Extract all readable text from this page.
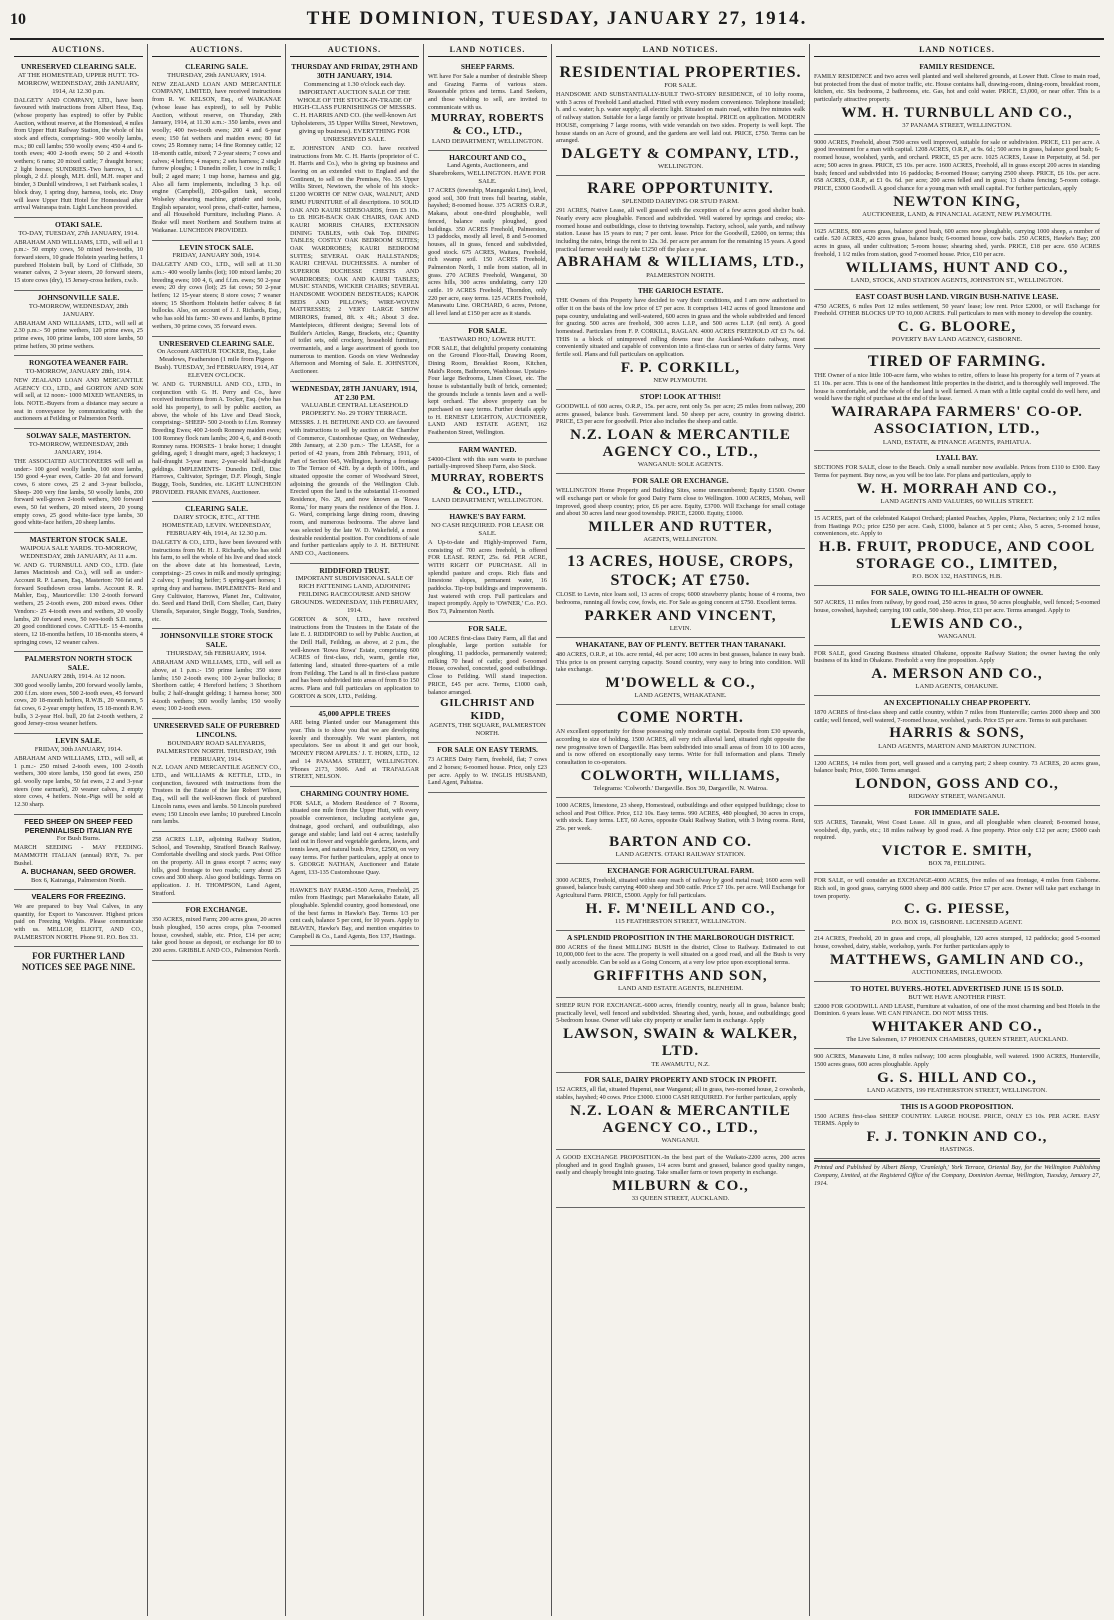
10	THE DOMINION, TUESDAY, JANUARY 27, 1914.
AUCTIONS.
UNRESERVED CLEARING SALE.
AT THE HOMESTEAD, UPPER HUTT. TO-MORROW, WEDNESDAY, 28th JANUARY, 1914, At 12.30 p.m.
DALGETY AND COMPANY, LTD., have been favoured with instructions from Albert Hess, Esq. (whose property has expired) to offer by Public Auction, without reserve, at the Homestead, 4 miles from Upper Hutt Railway Station, the whole of his stock and effects, comprising:- 900 woolly lambs, m.s.; 80 cull lambs; 550 woolly ewes; 450 4 and 6-tooth ewes; 400 2-tooth ewes; 50 2 and 4-tooth wethers; 6 rams; 20 mixed cattle; 7 draught horses; 2 light horses; SUNDRIES.-Two harrows, 1 s.f. plough, 2 d.f. plough, M.H. drill, M.H. reaper and binder, 3 Dunhill windrows, 1 set Fairbank scales, 1 block dray, 1 spring dray, harness, tools, etc. Dray will leave Upper Hutt Hotel for Homestead after arrival Wairarapa train. Light Luncheon provided.
OTAKI SALE.
TO-DAY, TUESDAY, 27th JANUARY, 1914.
ABRAHAM AND WILLIAMS, LTD., will sell at 1 p.m.:- 50 empty cows, 50 mixed two-tooths, 10 forward steers, 10 grade Holstein yearling heifers, 1 purebred Holstein bull, by Lord of Cliffside, 30 weaner calves, 2 3-year steers, 20 forward steers, 15 store cows (dry), 15 Jersey-cross heifers, r.w.b.
JOHNSONVILLE SALE.
TO-MORROW, WEDNESDAY, 28th JANUARY.
ABRAHAM AND WILLIAMS, LTD., will sell at 2.30 p.m.:- 50 prime wethers, 120 prime ewes, 25 prime ewes, 100 prime lambs, 100 store lambs, 50 prime heifers, 30 prime wethers.
RONGOTEA WEANER FAIR.
TO-MORROW, JANUARY 28th, 1914.
NEW ZEALAND LOAN AND MERCANTILE AGENCY CO., LTD., and GORTON AND SON will sell, at 12 noon:- 1000 MIXED WEANERS, in lots. NOTE.-Buyers from a distance may secure a seat in conveyance by communicating with the auctioneers at Feilding or Palmerston North.
SOLWAY SALE, MASTERTON.
TO-MORROW, WEDNESDAY, 28th JANUARY, 1914.
THE ASSOCIATED AUCTIONEERS will sell as under:- 100 good woolly lambs, 100 store lambs, 150 good 4-year ewes, Cattle- 20 fat and forward cows, 6 store cows, 25 2 and 3-year bullocks, Sheep- 200 very fine lambs, 50 woolly lambs, 200 forward well-grown 2-tooth wethers, 300 forward ewes, 50 fat wethers, 20 mixed steers, 20 young empty cows, 25 good white-face type lambs, 30 good white-face heifers, 20 sheep lambs.
MASTERTON STOCK SALE.
WAIPOUA SALE YARDS. TO-MORROW, WEDNESDAY, 28th JANUARY, At 11 a.m.
W. AND G. TURNBULL AND CO., LTD. (late James Macintosh and Co.), will sell as under:- Account R. P. Larsen, Esq., Masterton: 700 fat and forward Southdown cross lambs. Account R. R. Mahler, Esq., Mauriceville: 130 2-tooth forward wethers, 25 2-tooth ewes, 200 mixed ewes. Other Vendors:- 25 4-tooth ewes and wethers, 20 woolly lambs, 20 forward ewes, 50 two-tooth S.D. rams, 20 good conditioned cows. CATTLE- 15 4-months steers, 12 18-months heifers, 10 18-months steers, 4 springing cows, 12 weaner calves.
PALMERSTON NORTH STOCK SALE.
JANUARY 28th, 1914. At 12 noon.
300 good woolly lambs, 200 forward woolly lambs, 200 f.f.m. store ewes, 500 2-tooth ewes, 45 forward cows, 20 18-month heifers, R.W.B., 20 weaners, 5 fat cows, 6 2-year empty heifers, 15 18-month R.W. bulls, 3 2-year Hol. bull, 20 fat 2-tooth wethers, 2 good Jersey-cross weaner heifers.
LEVIN SALE.
FRIDAY, 30th JANUARY, 1914.
ABRAHAM AND WILLIAMS, LTD., will sell, at 1 p.m.:- 250 mixed 2-tooth ewes, 100 2-tooth wethers, 300 store lambs, 150 good fat ewes, 250 gd. woolly rape lambs, 50 fat ewes, 2 2 and 3-year steers (one earmark), 20 weaner calves, 2 empty store cows, 4 heifers. Note.-Pigs will be sold at 12.30 sharp.
FEED SHEEP ON SHEEP FEED
PERENNIALISED ITALIAN RYE
For Bush Burns.
MARCH SEEDING - MAY FEEDING. MAMMOTH ITALIAN (annual) RYE, 7s. per Bushel.
A. BUCHANAN, SEED GROWER.
Box 6, Kairanga, Palmerston North.
VEALERS FOR FREEZING.
We are prepared to buy Veal Calves, in any quantity, for Export to Vancouver. Highest prices paid on Freezing Weights. Please communicate with us. MELLOP, ELIOTT, AND CO., PALMERSTON NORTH. Phone 91. P.O. Box 33.
FOR FURTHER LAND NOTICES SEE PAGE NINE.
AUCTIONS.
CLEARING SALE.
THURSDAY, 29th JANUARY, 1914.
NEW ZEALAND LOAN AND MERCANTILE COMPANY, LIMITED, have received instructions from R. W. KELSON, Esq., of WAIKANAE (whose lease has expired), to sell by Public Auction, without reserve, on Thursday, 29th January, 1914, at 11.30 a.m.:- 350 lambs, ewes and woolly; 400 two-tooth ewes; 200 4 and 6-year ewes; 150 fat wethers and maiden ewes; 80 fat cows; 25 Romney rams; 14 fine Romney cattle; 12 18-month cattle, mixed; 7 2-year steers; 7 cows and calves; 4 heifers; 4 reapers; 2 sets harness; 2 single furrow ploughs; 1 Dunedin roller, 1 cow in milk; 1 bull; 2 aged mare; 1 trap horse, harness and gig. Also all farm implements, including 3 h.p. oil engine (Campbell), 200-gallon tank, second Wolseley shearing machine, grinder and tools, English separator, wool press, chaff-cutter, harness, and all Household Furniture, including Piano. A Brake will meet Northern and Southern trains at Waikanae. LUNCHEON PROVIDED.
LEVIN STOCK SALE.
FRIDAY, JANUARY 30th, 1914.
DALGETY AND CO., LTD., will sell at 11.30 a.m.:- 400 woolly lambs (lot); 100 mixed lambs; 20 breeding ewes; 100 4, 6, and f.f.m. ewes; 50 2-year ewes; 20 dry cows (lot); 25 fat cows; 50 2-year heifers; 12 15-year steers; 8 store cows; 7 weaner steers; 15 Shorthorn Holstein heifer calves; 8 fat bullocks. Also, on account of J. J. Richards, Esq., who has sold his farm:- 30 ewes and lambs, 8 prime wethers, 30 prime cows, 35 forward ewes.
UNRESERVED CLEARING SALE.
On Account ARTHUR TOCKER, Esq., Lake Meadows, Featherston (1 mile from Pigeon Bush). TUESDAY, 3rd FEBRUARY, 1914, AT ELEVEN O'CLOCK.
W. AND G. TURNBULL AND CO., LTD., in conjunction with G. H. Perry and Co., have received instructions from A. Tocker, Esq. (who has sold his property), to sell by public auction, as above, the whole of his Live and Dead Stock, comprising:- SHEEP- 500 2-tooth to f.f.m. Romney Breeding Ewes; 400 2-tooth Romney maiden ewes; 100 Romney flock ram lambs; 200 4, 6, and 8-tooth Romney rams. HORSES- 1 brake horse; 1 draught gelding, aged; 1 draught mare, aged; 3 hackneys; 1 half-draught 3-year mare; 2-year-old half-draught geldings. IMPLEMENTS- Dunedin Drill, Disc Harrows, Cultivator, Springer, D.F. Plough, Single Buggy, Tools, Sundries, etc. LIGHT LUNCHEON PROVIDED. FRANK EVANS, Auctioneer.
CLEARING SALE.
DAIRY STOCK, ETC., AT THE HOMESTEAD, LEVIN. WEDNESDAY, FEBRUARY 4th, 1914, At 12.30 p.m.
DALGETY & CO., LTD., have been favoured with instructions from Mr. H. J. Richards, who has sold his farm, to sell the whole of his live and dead stock on the above date at his homestead, Levin, comprising:- 25 cows in milk and mostly springing; 2 calves; 1 yearling heifer; 5 spring-gart horses; 1 spring dray and harness. IMPLEMENTS- Reid and Grey Cultivator, Harrows, Planet Jnr., Cultivator, do. Seed and Hand Drill, Corn Sheller, Cart, Dairy Utensils, Separator, Single Buggy, Tools, Sundries, etc.
JOHNSONVILLE STORE STOCK SALE.
THURSDAY, 5th FEBRUARY, 1914.
ABRAHAM AND WILLIAMS, LTD., will sell as above, at 1 p.m.:- 150 prime lambs; 350 store lambs; 150 2-tooth ewes; 100 2-year bullocks; 8 Shorthorn cattle; 4 Hereford heifers; 3 Shorthorn bulls; 2 half-draught gelding; 1 harness horse; 300 4-tooth wethers; 300 woolly lambs; 150 woolly ewes; 100 2-tooth ewes.
UNRESERVED SALE OF PUREBRED LINCOLNS.
BOUNDARY ROAD SALEYARDS, PALMERSTON NORTH. THURSDAY, 19th FEBRUARY, 1914.
N.Z. LOAN AND MERCANTILE AGENCY CO., LTD., and WILLIAMS & KETTLE, LTD., in conjunction, favoured with instructions from the Trustees in the Estate of the late Robert Wilson, Esq., will sell the well-known flock of purebred Lincoln rams, ewes and lambs. 50 Lincoln purebred ewes; 150 Lincoln ewe lambs; 10 purebred Lincoln ram lambs.
258 ACRES L.I.P., adjoining Railway Station, School, and Township, Stratford Branch Railway. Comfortable dwelling and stock yards. Post Office on the property. All in grass except 7 acres; easy hills, good frontage to two roads; carry about 25 cows and 300 sheep. Also good buildings. Terms on application. J. H. THOMPSON, Land Agent, Stratford.
FOR EXCHANGE.
350 ACRES, mixed Farm; 200 acres grass, 20 acres bush ploughed, 150 acres crops, plus 7-roomed house, cowshed, stable, etc. Price, £14 per acre; take good house as deposit, or exchange for 80 to 200 acres. GRIBBLE AND CO., Palmerston North.
AUCTIONS.
THURSDAY AND FRIDAY, 29TH AND 30TH JANUARY, 1914.
Commencing at 1.30 o'clock each day. IMPORTANT AUCTION SALE OF THE WHOLE OF THE STOCK-IN-TRADE OF HIGH-CLASS FURNISHINGS OF MESSRS. C. H. HARRIS AND CO. (the well-known Art Upholsterers, 35 Upper Willis Street, Newtown, giving up business). EVERYTHING FOR UNRESERVED SALE.
E. JOHNSTON AND CO. have received instructions from Mr. C. H. Harris (proprietor of C. H. Harris and Co.), who is giving up business and leaving on an extended visit to England and the Continent, to sell on the Premises, No. 35 Upper Willis Street, Newtown, the whole of his stock:- £1200 WORTH OF NEW OAK, WALNUT, AND RIMU FURNITURE of all descriptions. 10 SOLID OAK AND KAURI SIDEBOARDS, from £3 10s. to £8. HIGH-BACK OAK CHAIRS, OAK AND KAURI MORRIS CHAIRS, EXTENSION DINING TABLES, with Oak Top. DINING TABLES; COSTLY OAK BEDROOM SUITES; OAK WARDROBES; KAURI BEDROOM SUITES; SEVERAL OAK HALLSTANDS; KAURI CHEVAL DUCHESSES. A number of SUPERIOR DUCHESSE CHESTS AND WARDROBES; OAK AND KAURI TABLES; MUSIC STANDS, WICKER CHAIRS; SEVERAL HANDSOME WOODEN BEDSTEADS; KAPOK BEDS AND PILLOWS; WIRE-WOVEN MATTRESSES; 2 VERY LARGE SHOW MIRRORS, framed, 8ft. x 4ft.; About 3 doz. Mantelpieces, different designs; Several lots of Builder's Articles, Range, Brackets, etc.; Quantity of toilet sets, odd crockery, household furniture, overmantels, and a large assortment of goods too numerous to mention. Goods on view Wednesday Afternoon and Morning of Sale. E. JOHNSTON, Auctioneer.
WEDNESDAY, 28TH JANUARY, 1914, AT 2.30 P.M.
VALUABLE CENTRAL LEASEHOLD PROPERTY. No. 29 TORY TERRACE.
MESSRS. J. H. BETHUNE AND CO. are favoured with instructions to sell by auction at the Chamber of Commerce, Customhouse Quay, on Wednesday, 28th January, at 2.30 p.m.:- The LEASE, for a period of 42 years, from 28th February, 1911, of Part of Section 645, Wellington, having a frontage to The Terrace of 42ft. by a depth of 100ft., and situated opposite the corner of Woodward Street, adjoining the grounds of the Wellington Club. Erected upon the land is the substantial 11-roomed Residence, No. 29, and now known as 'Rowa Roma,' for many years the residence of the Hon. J. G. Ward, comprising large dining room, drawing room, and numerous bedrooms. The above land was selected by the late W. D. Wakefield, a most desirable residential position. For conditions of sale and further particulars apply to J. H. BETHUNE AND CO., Auctioneers.
RIDDIFORD TRUST.
IMPORTANT SUBDIVISIONAL SALE OF RICH FATTENING LAND, ADJOINING FEILDING RACECOURSE AND SHOW GROUNDS. WEDNESDAY, 11th FEBRUARY, 1914.
GORTON & SON, LTD., have received instructions from the Trustees in the Estate of the late E. J. RIDDIFORD to sell by Public Auction, at the Drill Hall, Feilding, as above, at 2 p.m., the well-known 'Rowa Rowa' Estate, comprising 600 ACRES of first-class, rich, warm, gentle rise, fattening land, situated three-quarters of a mile from Feilding. The Land is all in first-class pasture and has been subdivided into areas of from 8 to 150 acres. Plans and full particulars on application to GORTON & SON, LTD., Feilding.
45,000 APPLE TREES
ARE being Planted under our Management this year. This is to show you that we are developing keenly and thoroughly. We want planters, not speculators. See us about it and get our book, 'MONEY FROM APPLES.' J. T. HORN, LTD., 12 and 14 PANAMA STREET, WELLINGTON. 'Phones 2173, 3606. And at TRAFALGAR STREET, NELSON.
CHARMING COUNTRY HOME.
FOR SALE, a Modern Residence of 7 Rooms, situated one mile from the Upper Hutt, with every possible convenience, including acetylene gas, drainage, good orchard, and outbuildings, also garage and stable; land laid out 4 acres; tastefully laid out in flower and vegetable gardens, lawns, and tennis lawn, and natural bush. Price, £2500, on very easy terms. For further particulars, apply at once to S. GEORGE NATHAN, Auctioneer and Estate Agent, 133-135 Customhouse Quay.
HAWKE'S BAY FARM.-1500 Acres, Freehold, 25 miles from Hastings; part Maraekakaho Estate, all ploughable. Splendid country, good homestead, one of the best farms in Hawke's Bay. Terms 1/3 per cent cash, balance 5 per cent, for 10 years. Apply to BEAVEN, Hawke's Bay, and mention enquiries to Campbell & Co., Land Agents, Box 137, Hastings.
LAND NOTICES.
SHEEP FARMS.
WE have For Sale a number of desirable Sheep and Grazing Farms of various sizes. Reasonable prices and terms. Land Seekers, and those wishing to sell, are invited to communicate with us.
MURRAY, ROBERTS & CO., LTD.,
LAND DEPARTMENT, WELLINGTON.
HARCOURT AND CO.,
Land Agents, Auctioneers, and Sharebrokers, WELLINGTON. HAVE FOR SALE.
17 ACRES (township, Maungaraki Line), level, good soil, 300 fruit trees full bearing, stable, hayshed; 8-roomed house. 375 ACRES O.R.P., Makara, about one-third ploughable, well fenced, balance easily ploughed, good buildings. 350 ACRES Freehold, Palmerston, 13 paddocks, mostly all level, 8 and 5-roomed houses, all in grass, fenced and subdivided, good stock. 675 ACRES, Waitara, Freehold, rich swamp soil. 150 ACRES Freehold, Palmerston North, 1 mile from station, all in grass. 270 ACRES Freehold, Wanganui, 30 acres hills, 300 acres undulating, carry 120 cattle. 19 ACRES Freehold, Thorndon, only 220 per acre, easy terms. 125 ACRES Freehold, Manawatu Line. ORCHARD, 6 acres, Petone, all level land at £150 per acre as it stands.
FOR SALE.
'EASTWARD HO,' LOWER HUTT.
FOR SALE, that delightful property containing on the Ground Floor-Hall, Drawing Room, Dining Room, Breakfast Room, Kitchen, Maid's Room, Bathroom, Washhouse. Upstairs-Four large Bedrooms, Linen Closet, etc. The house is substantially built of brick, cemented; the grounds include a tennis lawn and a well-kept orchard. The above property can be purchased on easy terms. Further details apply to H. ERNEST LEIGHTON, AUCTIONEER, LAND AND ESTATE AGENT, 162 Featherston Street, Wellington.
FARM WANTED.
£4000-Client with this sum wants to purchase partially-improved Sheep Farm, also Stock.
MURRAY, ROBERTS & CO., LTD.,
LAND DEPARTMENT, WELLINGTON.
HAWKE'S BAY FARM.
NO CASH REQUIRED. FOR LEASE OR SALE.
A Up-to-date and Highly-improved Farm, consisting of 700 acres freehold, is offered FOR LEASE. RENT, 25s. 6d. PER ACRE, WITH RIGHT OF PURCHASE. All in splendid pasture and crops. Rich flats and limestone slopes, permanent water, 16 paddocks. Tip-top buildings and improvements. Just watered with crop. Full particulars and inspect promptly. Apply to 'OWNER,' C.o. P.O. Box 73, Palmerston North.
FOR SALE.
100 ACRES first-class Dairy Farm, all flat and ploughable, large portion suitable for ploughing, 11 paddocks, permanently watered; milking 70 head of cattle; good 6-roomed House, cowshed, concreted, good outbuildings. Close to Feilding. Will stand inspection. PRICE, £45 per acre. Terms, £1000 cash, balance arranged.
GILCHRIST AND KIDD,
AGENTS, THE SQUARE, PALMERSTON NORTH.
FOR SALE ON EASY TERMS.
73 ACRES Dairy Farm, freehold, flat; 7 cows and 2 horses; 6-roomed house. Price, only £23 per acre. Apply to W. INGLIS HUSBAND, Land Agent, Pahiatua.
LAND NOTICES.
RESIDENTIAL PROPERTIES.
FOR SALE.
HANDSOME AND SUBSTANTIALLY-BUILT TWO-STORY RESIDENCE, of 10 lofty rooms, with 3 acres of Freehold Land attached. Fitted with every modern convenience. Telephone installed; h. and c. water; h.p. water supply; all electric light. Situated on main road, within five minutes walk of railway station. Suitable for a large family or private hospital. PRICE on application. MODERN HOUSE, comprising 7 large rooms, with wide verandah on two sides. Property is well kept. The house stands on an Acre of ground, and the gardens are well laid out. PRICE, £750. Terms can be arranged.
DALGETY & COMPANY, LTD.,
WELLINGTON.
RARE OPPORTUNITY.
SPLENDID DAIRYING OR STUD FARM.
291 ACRES, Native Lease, all well grassed with the exception of a few acres good shelter bush. Nearly every acre ploughable. Fenced and subdivided. Well watered by springs and creeks; six-roomed house and outbuildings, close to thriving township. Factory, school, sale yards, and railway station. Lease has 15 years to run; 7 per cent. lease. Price for the Goodwill, £2600, on terms; this including the rates, brings the rent to 12s. 3d. per acre per annum for the remaining 15 years. A good practical farmer would easily take £1250 off the place a year.
ABRAHAM & WILLIAMS, LTD.,
PALMERSTON NORTH.
THE GARIOCH ESTATE.
THE Owners of this Property have decided to vary their conditions, and I am now authorised to offer it on the basis of the low price of £7 per acre. It comprises 1412 acres of good limestone and papa country, undulating and well-watered, 600 acres in grass and the whole subdivided and fenced for grazing. 500 acres are freehold, 300 acres L.I.P., and 500 acres L.I.P. (nil rent). A good homestead. Particulars from F. P. CORKILL, RAGLAN. 4000 ACRES FREEHOLD AT £3 7s. 6d. THIS is a block of unimproved rolling downs near the Auckland-Waikato railway, most conveniently situated and capable of conversion into a first-class run or series of dairy farms. Very fertile soil. Plans and full particulars on application.
F. P. CORKILL,
NEW PLYMOUTH.
STOP! LOOK AT THIS!!
GOODWILL of 600 acres, O.R.P., 15s. per acre, rent only 5s. per acre; 25 miles from railway, 200 acres grassed, balance bush. Government land. 50 sheep per acre, country in growing district. PRICE, £3 per acre for goodwill. Price also includes the sheep and cattle.
N.Z. LOAN & MERCANTILE AGENCY CO., LTD.,
WANGANUI: SOLE AGENTS.
FOR SALE OR EXCHANGE.
WELLINGTON Home Property and Building Sites, some unencumbered; Equity £1500. Owner will exchange part or whole for good Dairy Farm close to Wellington. 1000 ACRES, Mohau, well improved, good sheep country; price, £6 per acre. Equity, £3700. Will Exchange for small cottage and about 30 acres land near good township. PRICE, £2000. Equity, £1000.
MILLER AND RUTTER,
AGENTS, WELLINGTON.
13 ACRES, HOUSE, CROPS, STOCK; AT £750.
CLOSE to Levin, nice loam soil, 13 acres of crops; 6000 strawberry plants; house of 4 rooms, two bedrooms, running all fowls; cow, fowls, etc. For Sale as going concern at £750. Excellent terms.
PARKER AND VINCENT,
LEVIN.
WHAKATANE, BAY OF PLENTY. BETTER THAN TARANAKI.
480 ACRES, O.R.P., at 10s. acre rental, 4d. per acre; 100 acres in best grasses, balance in easy bush. This price is on present carrying capacity. Sound country, very easy to bring into condition. Will take exchange.
M'DOWELL & CO.,
LAND AGENTS, WHAKATANE.
COME NORTH.
AN excellent opportunity for those possessing only moderate capital. Deposits from £30 upwards, according to size of holding. 1500 ACRES, all very rich alluvial land, situated right opposite the new progressive town of Dargaville. Has been subdivided into small areas of from 10 to 100 acres, and is now offered on exceptionally easy terms. Write for full information and plans. Timely consultation to co-operators.
COLWORTH, WILLIAMS,
Telegrams: 'Colworth.' Dargaville. Box 39, Dargaville, N. Wairoa.
1000 ACRES, limestone, 23 sheep, Homestead, outbuildings and other equipped buildings; close to school and Post Office. Price, £12 10s. Easy terms. 990 ACRES, 480 ploughed, 30 acres in crops, with stock. Easy terms. LET, 60 Acres, opposite Otaki Railway Station, with 3 living rooms. Rent, 25s. per week.
BARTON AND CO.
LAND AGENTS. OTAKI RAILWAY STATION.
EXCHANGE FOR AGRICULTURAL FARM.
3000 ACRES, Freehold, situated within easy reach of railway by good metal road; 1600 acres well grassed, balance bush; carrying 4000 sheep and 300 cattle. Price £7 10s. per acre. Will Exchange for Agricultural Farm. PRICE, £5000. Apply for full particulars.
H. F. M'NEILL AND CO.,
115 FEATHERSTON STREET, WELLINGTON.
A SPLENDID PROPOSITION IN THE MARLBOROUGH DISTRICT.
800 ACRES of the finest MILLING BUSH in the district, Close to Railway. Estimated to cut 10,000,000 feet to the acre. The property is well situated on a good road, and all the Bush is very easily accessible. Can be sold as a Going Concern, at a very low price upon exceptional terms.
GRIFFITHS AND SON,
LAND AND ESTATE AGENTS, BLENHEIM.
SHEEP RUN FOR EXCHANGE.-6000 acres, friendly country, nearly all in grass, balance bush; practically level, well fenced and subdivided. Shearing shed, yards, house, and outbuildings; good 5-bedroom house. Owner will take city property or smaller farm in exchange. Apply
LAWSON, SWAIN & WALKER, LTD.
TE AWAMUTU, N.Z.
FOR SALE, DAIRY PROPERTY AND STOCK IN PROFIT.
152 ACRES, all flat, situated Hupenui, near Wanganui; all in grass, two-roomed house, 2 cowsheds, stables, hayshed; 40 cows. Price £3000. £1000 CASH REQUIRED. For further particulars, apply
N.Z. LOAN & MERCANTILE AGENCY CO., LTD.,
WANGANUI.
A GOOD EXCHANGE PROPOSITION.-In the best part of the Waikato-2200 acres, 200 acres ploughed and in good English grasses, 1/4 acres burnt and grassed, balance good quality ranges, easily and cheaply brought into grazing. Take smaller farm or town property in exchange.
MILBURN & CO.,
33 QUEEN STREET, AUCKLAND.
LAND NOTICES.
FAMILY RESIDENCE.
FAMILY RESIDENCE and two acres well planted and well sheltered grounds, at Lower Hutt. Close to main road, but protected from the dust of motor traffic, etc. House contains hall, drawing-room, dining-room, breakfast room, kitchen, etc. Six bedrooms, 2 bathrooms, etc. Gas, hot and cold water. PRICE, £3,000, or near offer. This is a particularly attractive property.
WM. H. TURNBULL AND CO.,
37 PANAMA STREET, WELLINGTON.
9000 ACRES, Freehold, about 7500 acres well improved, suitable for sale or subdivision. PRICE, £11 per acre. A good investment for a man with capital. 1208 ACRES, O.R.P., at 9s. 6d.; 500 acres in grass, balance good bush; 6-roomed house, woolshed, yards, and orchard. PRICE, £5 per acre. 1025 ACRES, Lease in Perpetuity, at 5d. per acre; 500 acres in grass. PRICE, £5 10s. per acre. 1600 ACRES, Freehold, all in grass except 200 acres in standing bush; fenced and subdivided into 16 paddocks; 8-roomed House; carrying 2500 sheep. PRICE, £6 10s. per acre. 658 ACRES, O.R.P., at £1 0s. 6d. per acre; 200 acres felled and in grass; 13 chains fencing; 5-room cottage. PRICE, £3000 Goodwill. A good chance for a young man with small capital. For further particulars, apply
NEWTON KING,
AUCTIONEER, LAND, & FINANCIAL AGENT, NEW PLYMOUTH.
1625 ACRES, 800 acres grass, balance good bush, 600 acres now ploughable, carrying 1000 sheep, a number of cattle. 520 ACRES, 420 acres grass, balance bush; 6-roomed house, cow bails. 250 ACRES, Hawke's Bay; 200 acres in grass, all under cultivation; 5-room house; shearing shed, yards. PRICE, £18 per acre. 650 ACRES freehold, 1 1/2 miles from station, good 7-roomed house. Price, £10 per acre.
WILLIAMS, HUNT AND CO.,
LAND, STOCK, AND STATION AGENTS, JOHNSTON ST., WELLINGTON.
EAST COAST BUSH LAND. VIRGIN BUSH-NATIVE LEASE.
4750 ACRES, 6 miles Port 12 miles settlement, 50 years' lease; low rent. Price £2000, or will Exchange for Freehold. OTHER BLOCKS UP TO 10,000 ACRES. Full particulars to men with money to develop the country.
C. G. BLOORE,
POVERTY BAY LAND AGENCY, GISBORNE.
TIRED OF FARMING.
THE Owner of a nice little 100-acre farm, who wishes to retire, offers to lease his property for a term of 7 years at £1 10s. per acre. This is one of the handsomest little properties in the district, and is thoroughly well improved. The house is comfortable, and the whole of the land is well farmed. A man with a little capital could do well here, and would have the right of purchase at the end of the lease.
WAIRARAPA FARMERS' CO-OP. ASSOCIATION, LTD.,
LAND, ESTATE, & FINANCE AGENTS, PAHIATUA.
LYALL BAY.
SECTIONS FOR SALE, close to the Beach. Only a small number now available. Prices from £110 to £300. Easy Terms for payment. Buy now, as you will be too late. For plans and particulars, apply to
W. H. MORRAH AND CO.,
LAND AGENTS AND VALUERS, 60 WILLIS STREET.
15 ACRES, part of the celebrated Kaiapoi Orchard; planted Peaches, Apples, Plums, Nectarines; only 2 1/2 miles from Hastings P.O.; price £250 per acre. Cash, £1000, balance at 5 per cent.; Also, 5 acres, 5-roomed house, conveniences, etc. Apply to
H.B. FRUIT, PRODUCE, AND COOL STORAGE CO., LIMITED,
P.O. BOX 132, HASTINGS, H.B.
FOR SALE, OWING TO ILL-HEALTH OF OWNER.
507 ACRES, 11 miles from railway, by good road, 250 acres in grass, 50 acres ploughable, well fenced; 5-roomed house, cowshed, hayshed; carrying 100 cattle, 500 sheep. Price, £13 per acre. Terms arranged. Apply to
LEWIS AND CO.,
WANGANUI.
FOR SALE, good Grazing Business situated Ohakune, opposite Railway Station; the owner having the only business of its kind in Ohakune. Freehold: a very fine proposition. Apply
A. MERSON AND CO.,
LAND AGENTS, OHAKUNE.
AN EXCEPTIONALLY CHEAP PROPERTY.
1870 ACRES of first-class sheep and cattle country, within 7 miles from Hunterville; carries 2000 sheep and 300 cattle; well fenced, well watered, 7-roomed house, woolshed, yards. Price £5 per acre. Terms to suit purchaser.
HARRIS & SONS,
LAND AGENTS, MARTON AND MARTON JUNCTION.
1200 ACRES, 14 miles from port, well grassed and a carrying part; 2 sheep country. 73 ACRES, 20 acres grass, balance bush; Price, £600. Terms arranged.
LONDON, GOSS AND CO.,
RIDGWAY STREET, WANGANUI.
FOR IMMEDIATE SALE.
935 ACRES, Taranaki, West Coast Lease. All in grass, and all ploughable when cleared; 8-roomed house, woolshed, dip, yards, etc.; 18 miles railway by good road. A fine property. Price only £12 per acre; £5000 cash required.
VICTOR E. SMITH,
BOX 78, FEILDING.
FOR SALE, or will consider an EXCHANGE-4000 ACRES, five miles of sea frontage, 4 miles from Gisborne. Rich soil, in good grass, carrying 6000 sheep and 800 cattle. Price £7 per acre. Owner will take part exchange in town property.
C. G. PIESSE,
P.O. BOX 19, GISBORNE. LICENSED AGENT.
214 ACRES, Freehold, 20 in grass and crops, all ploughable, 120 acres stumped, 12 paddocks; good 5-roomed house, cowshed, dairy, stable, workshop, yards. For further particulars apply to
MATTHEWS, GAMLIN AND CO.,
AUCTIONEERS, INGLEWOOD.
TO HOTEL BUYERS.-HOTEL ADVERTISED JUNE 15 IS SOLD.
BUT WE HAVE ANOTHER FIRST.
£2000 FOR GOODWILL AND LEASE, Furniture at valuation, of one of the most charming and best Hotels in the Dominion. 6 years lease. WE CAN FINANCE. DO NOT MISS THIS.
WHITAKER AND CO.,
The Live Salesmen, 17 PHOENIX CHAMBERS, QUEEN STREET, AUCKLAND.
900 ACRES, Manawatu Line, 8 miles railway; 100 acres ploughable, well watered. 1900 ACRES, Hunterville, 1500 acres grass, 600 acres ploughable. Apply
G. S. HILL AND CO.,
LAND AGENTS, 199 FEATHERSTON STREET, WELLINGTON.
THIS IS A GOOD PROPOSITION.
1500 ACRES first-class SHEEP COUNTRY. LARGE HOUSE. PRICE, ONLY £3 10s. PER ACRE. EASY TERMS. Apply to
F. J. TONKIN AND CO.,
HASTINGS.
Printed and Published by Albert Blemp, 'Cranleigh,' York Terrace, Oriental Bay, for the Wellington Publishing Company, Limited, at the Registered Office of the Company, Dominion Avenue, Wellington, Tuesday, January 27, 1914.
